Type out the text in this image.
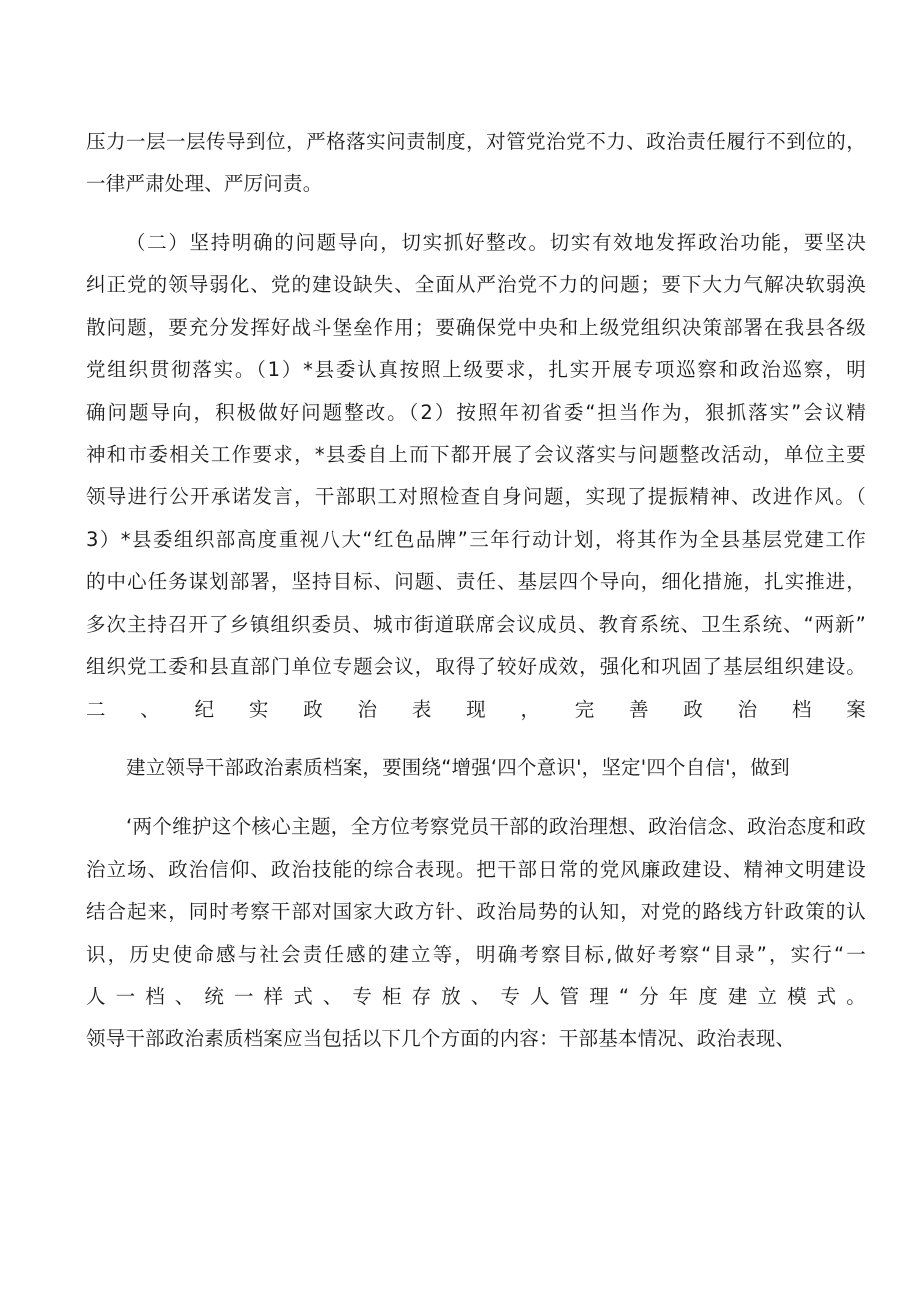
压力一层一层传导到位，严格落实问责制度，对管党治党不力、政治责任履行不到位的，
一律严肃处理、严厉问责。
（二）坚持明确的问题导向，切实抓好整改。切实有效地发挥政治功能，要坚决
纠正党的领导弱化、党的建设缺失、全面从严治党不力的问题；要下大力气解决软弱涣
散问题，要充分发挥好战斗堡垒作用；要确保党中央和上级党组织决策部署在我县各级
党组织贯彻落实。（1）*县委认真按照上级要求，扎实开展专项巡察和政治巡察，明
确问题导向，积极做好问题整改。（2）按照年初省委“担当作为，狠抓落实”会议精
神和市委相关工作要求，*县委自上而下都开展了会议落实与问题整改活动，单位主要
领导进行公开承诺发言，干部职工对照检查自身问题，实现了提振精神、改进作风。（
3）*县委组织部高度重视八大“红色品牌”三年行动计划，将其作为全县基层党建工作
的中心任务谋划部署，坚持目标、问题、责任、基层四个导向，细化措施，扎实推进，
多次主持召开了乡镇组织委员、城市街道联席会议成员、教育系统、卫生系统、“两新”
组织党工委和县直部门单位专题会议，取得了较好成效，强化和巩固了基层组织建设。
二、纪实政治表现，完善政治档案
建立领导干部政治素质档案，要围绕“增强‘四个意识'，坚定'四个自信'，做到
‘两个维护这个核心主题，全方位考察党员干部的政治理想、政治信念、政治态度和政
治立场、政治信仰、政治技能的综合表现。把干部日常的党风廉政建设、精神文明建设
结合起来，同时考察干部对国家大政方针、政治局势的认知，对党的路线方针政策的认
识，历史使命感与社会责任感的建立等，明确考察目标,做好考察“目录”，实行“一
人一档、统一样式、专柜存放、专人管理“分年度建立模式。
领导干部政治素质档案应当包括以下几个方面的内容：干部基本情况、政治表现、
